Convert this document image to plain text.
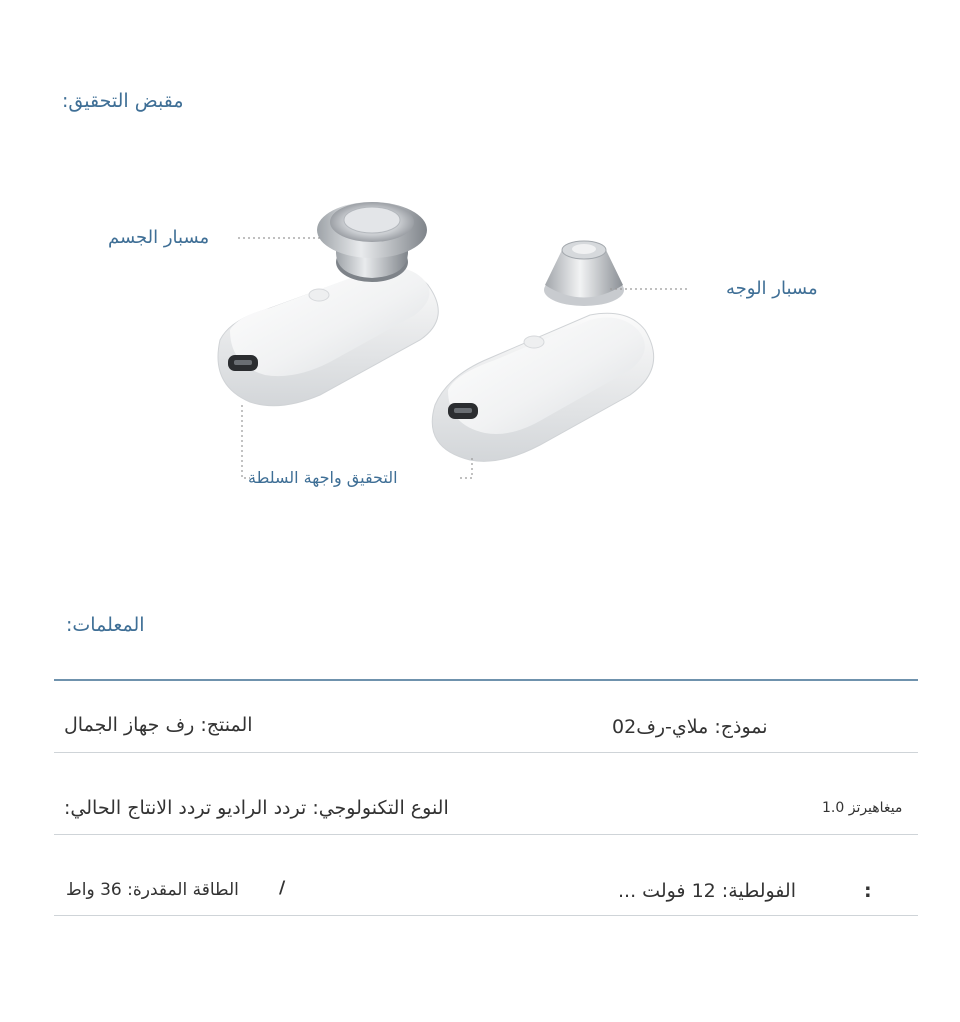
:مقبض التحقيق
مسبار الجسم
مسبار الوجه
التحقيق واجهة السلطة
:المعلمات
المنتج: رف جهاز الجمال	نموذج: ملاي-رف02
:النوع التكنولوجي: تردد الراديو تردد الانتاج الحالي	ميغاهيرتز 1.0
الطاقة المقدرة: 36 واط /	... الفولطية: 12 فولت	:
